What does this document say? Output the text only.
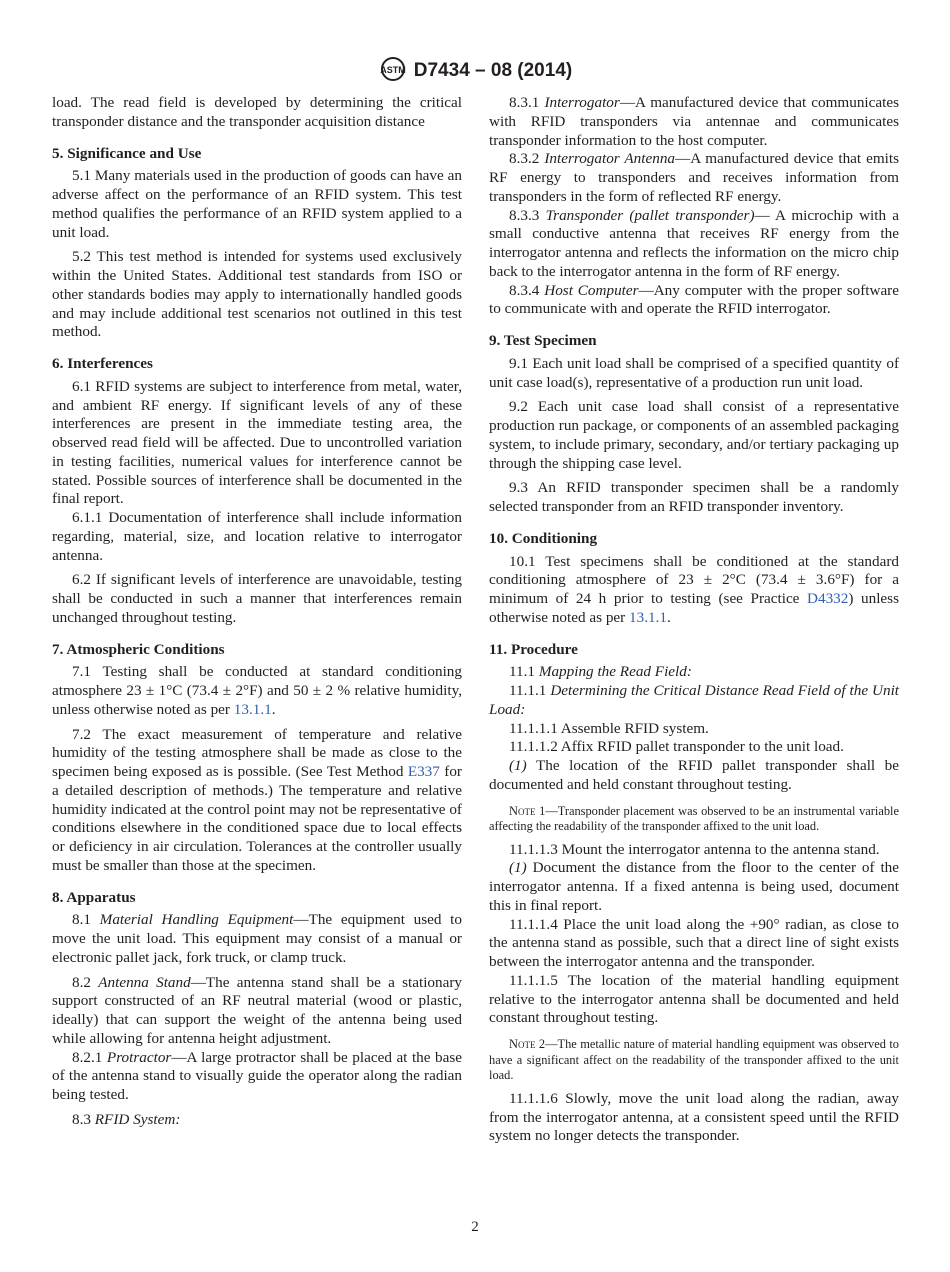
ASTM D7434 – 08 (2014)
load. The read field is developed by determining the critical transponder distance and the transponder acquisition distance
5. Significance and Use
5.1 Many materials used in the production of goods can have an adverse affect on the performance of an RFID system. This test method qualifies the performance of an RFID system applied to a unit load.
5.2 This test method is intended for systems used exclusively within the United States. Additional test standards from ISO or other standards bodies may apply to internationally handled goods and may include additional test scenarios not outlined in this test method.
6. Interferences
6.1 RFID systems are subject to interference from metal, water, and ambient RF energy. If significant levels of any of these interferences are present in the immediate testing area, the observed read field will be affected. Due to uncontrolled variation in testing facilities, numerical values for interference cannot be stated. Possible sources of interference shall be documented in the final report.
6.1.1 Documentation of interference shall include information regarding, material, size, and location relative to interrogator antenna.
6.2 If significant levels of interference are unavoidable, testing shall be conducted in such a manner that interferences remain unchanged throughout testing.
7. Atmospheric Conditions
7.1 Testing shall be conducted at standard conditioning atmosphere 23 ± 1°C (73.4 ± 2°F) and 50 ± 2 % relative humidity, unless otherwise noted as per 13.1.1.
7.2 The exact measurement of temperature and relative humidity of the testing atmosphere shall be made as close to the specimen being exposed as is possible. (See Test Method E337 for a detailed description of methods.) The temperature and relative humidity indicated at the control point may not be representative of conditions elsewhere in the conditioned space due to local effects or deficiency in air circulation. Tolerances at the controller usually must be smaller than those at the specimen.
8. Apparatus
8.1 Material Handling Equipment—The equipment used to move the unit load. This equipment may consist of a manual or electronic pallet jack, fork truck, or clamp truck.
8.2 Antenna Stand—The antenna stand shall be a stationary support constructed of an RF neutral material (wood or plastic, ideally) that can support the weight of the antenna being used while allowing for antenna height adjustment.
8.2.1 Protractor—A large protractor shall be placed at the base of the antenna stand to visually guide the operator along the radian being tested.
8.3 RFID System:
8.3.1 Interrogator—A manufactured device that communicates with RFID transponders via antennae and communicates transponder information to the host computer.
8.3.2 Interrogator Antenna—A manufactured device that emits RF energy to transponders and receives information from transponders in the form of reflected RF energy.
8.3.3 Transponder (pallet transponder)— A microchip with a small conductive antenna that receives RF energy from the interrogator antenna and reflects the information on the micro chip back to the interrogator antenna in the form of RF energy.
8.3.4 Host Computer—Any computer with the proper software to communicate with and operate the RFID interrogator.
9. Test Specimen
9.1 Each unit load shall be comprised of a specified quantity of unit case load(s), representative of a production run unit load.
9.2 Each unit case load shall consist of a representative production run package, or components of an assembled packaging system, to include primary, secondary, and/or tertiary packaging up through the shipping case level.
9.3 An RFID transponder specimen shall be a randomly selected transponder from an RFID transponder inventory.
10. Conditioning
10.1 Test specimens shall be conditioned at the standard conditioning atmosphere of 23 ± 2°C (73.4 ± 3.6°F) for a minimum of 24 h prior to testing (see Practice D4332) unless otherwise noted as per 13.1.1.
11. Procedure
11.1 Mapping the Read Field:
11.1.1 Determining the Critical Distance Read Field of the Unit Load:
11.1.1.1 Assemble RFID system.
11.1.1.2 Affix RFID pallet transponder to the unit load.
(1) The location of the RFID pallet transponder shall be documented and held constant throughout testing.
Note 1—Transponder placement was observed to be an instrumental variable affecting the readability of the transponder affixed to the unit load.
11.1.1.3 Mount the interrogator antenna to the antenna stand.
(1) Document the distance from the floor to the center of the interrogator antenna. If a fixed antenna is being used, document this in final report.
11.1.1.4 Place the unit load along the +90° radian, as close to the antenna stand as possible, such that a direct line of sight exists between the interrogator antenna and the transponder.
11.1.1.5 The location of the material handling equipment relative to the interrogator antenna shall be documented and held constant throughout testing.
Note 2—The metallic nature of material handling equipment was observed to have a significant affect on the readability of the transponder affixed to the unit load.
11.1.1.6 Slowly, move the unit load along the radian, away from the interrogator antenna, at a consistent speed until the RFID system no longer detects the transponder.
2
